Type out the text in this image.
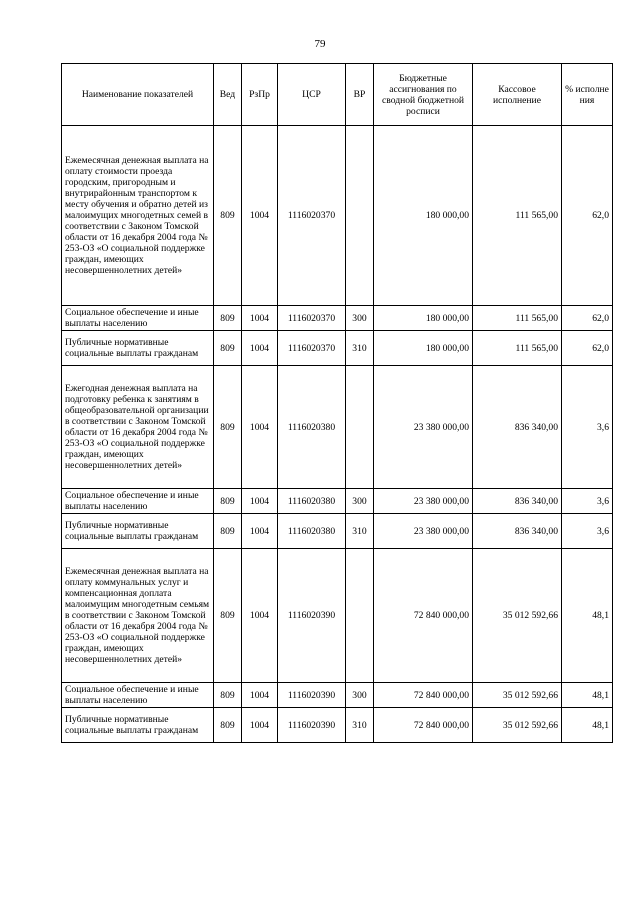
79
Наименование показателей	Вед	РзПр	ЦСР	ВР	Бюджетные ассигнования по сводной бюджетной росписи	Кассовое исполнение	% исполне ния
Ежемесячная денежная выплата на оплату стоимости проезда городским, пригородным и внутрирайонным транспортом к месту обучения и обратно детей из малоимущих многодетных семей в соответствии с Законом Томской области от 16 декабря 2004 года № 253-ОЗ «О социальной поддержке граждан, имеющих несовершеннолетних детей»	809	1004	1116020370		180 000,00	111 565,00	62,0
Социальное обеспечение и иные выплаты населению	809	1004	1116020370	300	180 000,00	111 565,00	62,0
Публичные нормативные социальные выплаты гражданам	809	1004	1116020370	310	180 000,00	111 565,00	62,0
Ежегодная денежная выплата на подготовку ребенка к занятиям в общеобразовательной организации в соответствии с Законом Томской области от 16 декабря 2004 года № 253-ОЗ «О социальной поддержке граждан, имеющих несовершеннолетних детей»	809	1004	1116020380		23 380 000,00	836 340,00	3,6
Социальное обеспечение и иные выплаты населению	809	1004	1116020380	300	23 380 000,00	836 340,00	3,6
Публичные нормативные социальные выплаты гражданам	809	1004	1116020380	310	23 380 000,00	836 340,00	3,6
Ежемесячная денежная выплата на оплату коммунальных услуг и компенсационная доплата малоимущим многодетным семьям в соответствии с Законом Томской области от 16 декабря 2004 года № 253-ОЗ «О социальной поддержке граждан, имеющих несовершеннолетних детей»	809	1004	1116020390		72 840 000,00	35 012 592,66	48,1
Социальное обеспечение и иные выплаты населению	809	1004	1116020390	300	72 840 000,00	35 012 592,66	48,1
Публичные нормативные социальные выплаты гражданам	809	1004	1116020390	310	72 840 000,00	35 012 592,66	48,1
